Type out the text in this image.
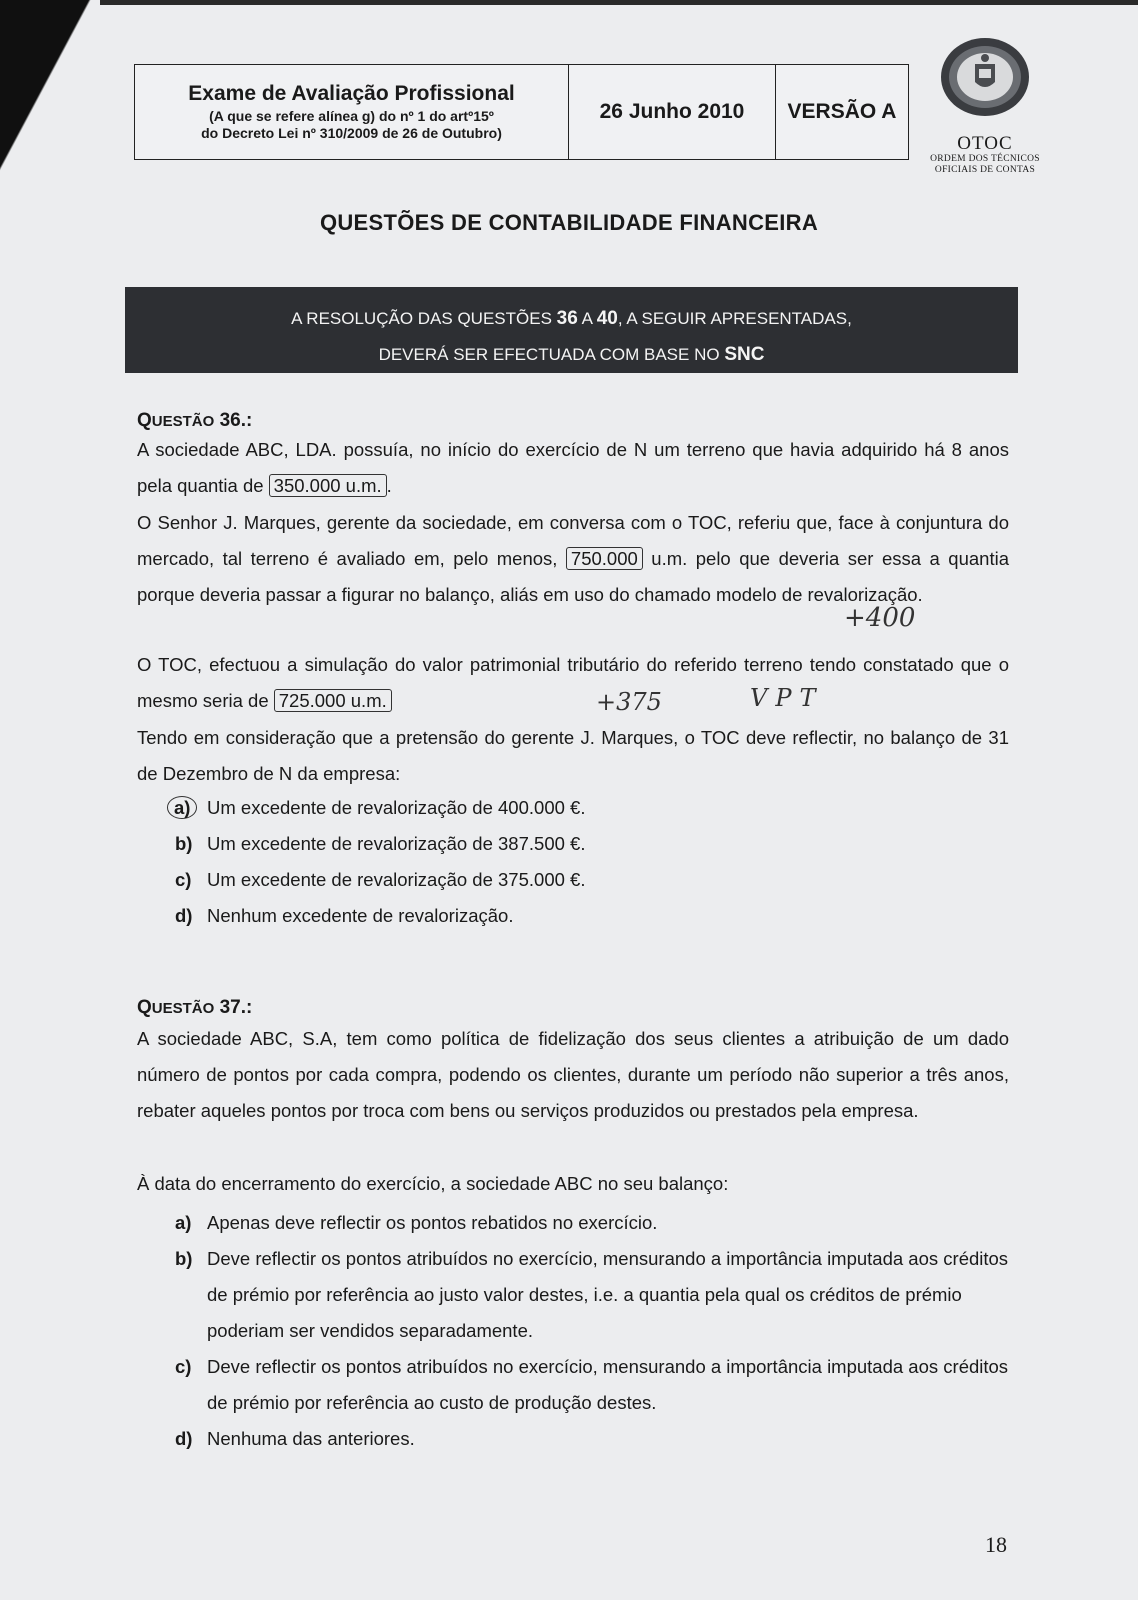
Exame de Avaliação Profissional
(A que se refere alínea g) do nº 1 do artº15º
do Decreto Lei nº 310/2009 de 26 de Outubro)
26 Junho 2010 VERSÃO A
OTOC
ORDEM DOS TÉCNICOS
OFICIAIS DE CONTAS
QUESTÕES DE CONTABILIDADE FINANCEIRA
A RESOLUÇÃO DAS QUESTÕES 36 A 40, A SEGUIR APRESENTADAS,
DEVERÁ SER EFECTUADA COM BASE NO SNC
QUESTÃO 36.:
A sociedade ABC, LDA. possuía, no início do exercício de N um terreno que havia adquirido há 8 anos pela quantia de 350.000 u.m. .
O Senhor J. Marques, gerente da sociedade, em conversa com o TOC, referiu que, face à conjuntura do mercado, tal terreno é avaliado em, pelo menos, 750.000 u.m. pelo que deveria ser essa a quantia porque deveria passar a figurar no balanço, aliás em uso do chamado modelo de revalorização.
+400
O TOC, efectuou a simulação do valor patrimonial tributário do referido terreno tendo constatado que o mesmo seria de 725.000 u.m.	+375	VPT
Tendo em consideração que a pretensão do gerente J. Marques, o TOC deve reflectir, no balanço de 31 de Dezembro de N da empresa:
a) Um excedente de revalorização de 400.000 €.
b) Um excedente de revalorização de 387.500 €.
c) Um excedente de revalorização de 375.000 €.
d) Nenhum excedente de revalorização.
QUESTÃO 37.:
A sociedade ABC, S.A, tem como política de fidelização dos seus clientes a atribuição de um dado número de pontos por cada compra, podendo os clientes, durante um período não superior a três anos, rebater aqueles pontos por troca com bens ou serviços produzidos ou prestados pela empresa.
À data do encerramento do exercício, a sociedade ABC no seu balanço:
a) Apenas deve reflectir os pontos rebatidos no exercício.
b) Deve reflectir os pontos atribuídos no exercício, mensurando a importância imputada aos créditos de prémio por referência ao justo valor destes, i.e. a quantia pela qual os créditos de prémio poderiam ser vendidos separadamente.
c) Deve reflectir os pontos atribuídos no exercício, mensurando a importância imputada aos créditos de prémio por referência ao custo de produção destes.
d) Nenhuma das anteriores.
18
